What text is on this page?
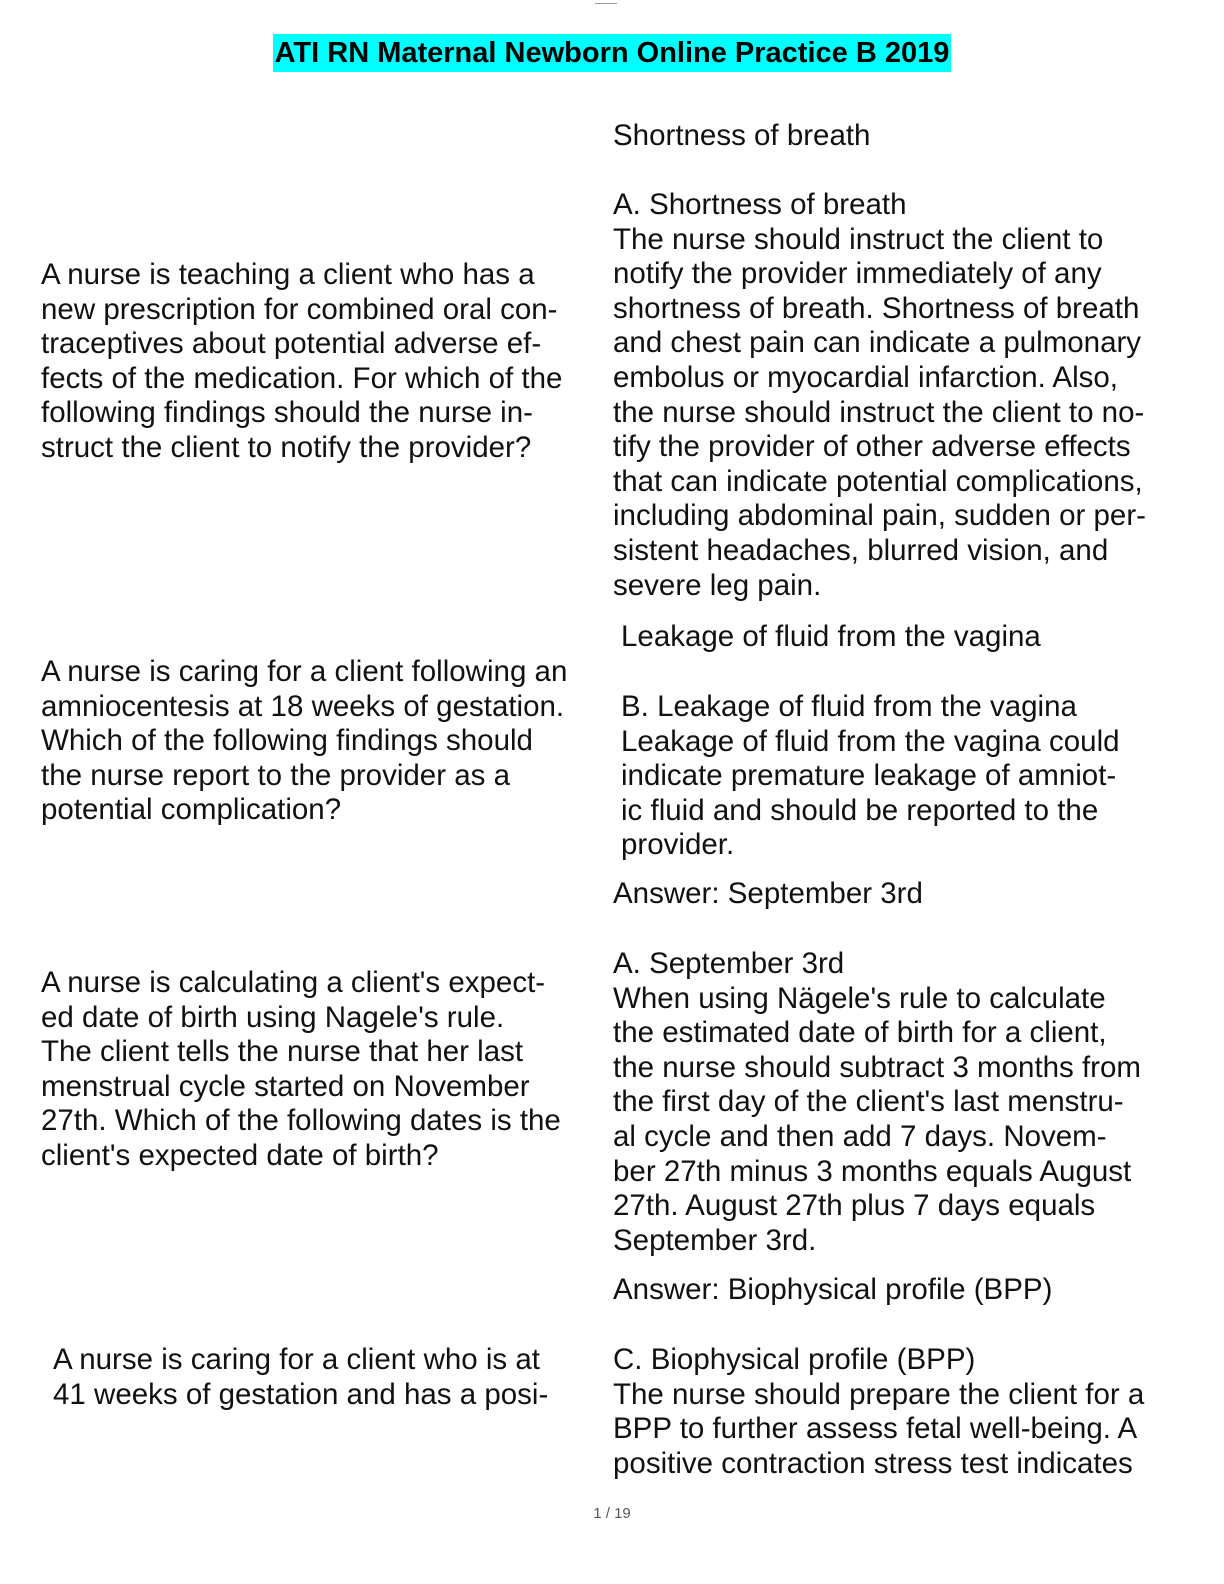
ATI RN Maternal Newborn Online Practice B 2019
Shortness of breath
A nurse is teaching a client who has a
new prescription for combined oral con-
traceptives about potential adverse ef-
fects of the medication. For which of the
following findings should the nurse in-
struct the client to notify the provider?
A. Shortness of breath
The nurse should instruct the client to
notify the provider immediately of any
shortness of breath. Shortness of breath
and chest pain can indicate a pulmonary
embolus or myocardial infarction. Also,
the nurse should instruct the client to no-
tify the provider of other adverse effects
that can indicate potential complications,
including abdominal pain, sudden or per-
sistent headaches, blurred vision, and
severe leg pain.
Leakage of fluid from the vagina
A nurse is caring for a client following an
amniocentesis at 18 weeks of gestation.
Which of the following findings should
the nurse report to the provider as a
potential complication?
B. Leakage of fluid from the vagina
Leakage of fluid from the vagina could
indicate premature leakage of amniot-
ic fluid and should be reported to the
provider.
Answer: September 3rd
A nurse is calculating a client's expect-
ed date of birth using Nagele's rule.
The client tells the nurse that her last
menstrual cycle started on November
27th. Which of the following dates is the
client's expected date of birth?
A. September 3rd
When using Nägele's rule to calculate
the estimated date of birth for a client,
the nurse should subtract 3 months from
the first day of the client's last menstru-
al cycle and then add 7 days. Novem-
ber 27th minus 3 months equals August
27th. August 27th plus 7 days equals
September 3rd.
Answer: Biophysical profile (BPP)
A nurse is caring for a client who is at
41 weeks of gestation and has a posi-
C. Biophysical profile (BPP)
The nurse should prepare the client for a
BPP to further assess fetal well-being. A
positive contraction stress test indicates
1 / 19
